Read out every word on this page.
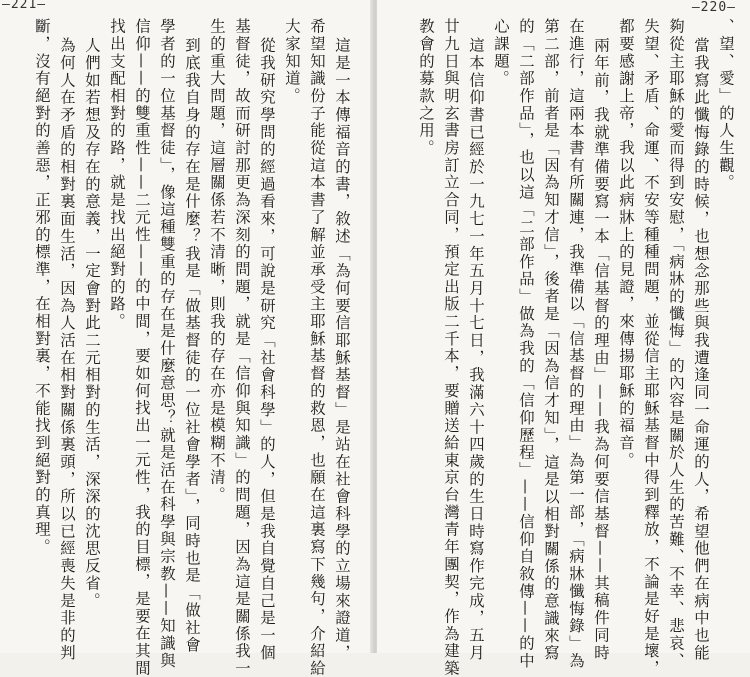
—221—
這是一本傳福音的書，敘述「為何要信耶穌基督」是站在社會科學的立場來證道，
希望知識份子能從這本書了解並承受主耶穌基督的救恩，也願在這裏寫下幾句，介紹給
大家知道。
從我研究學問的經過看來，可說是研究「社會科學」的人，但是我自覺自己是一個
基督徒，故而研討那更為深刻的問題，就是「信仰與知識」的問題，因為這是關係我一
生的重大問題，這層關係若不清晰，則我的存在亦是模糊不清。
到底我自身的存在是什麼？我是「做基督徒的一位社會學者」，同時也是「做社會
學者的一位基督徒」，像這種雙重的存在是什麼意思？就是活在科學與宗教——知識與
信仰——的雙重性——二元性——的中間，要如何找出一元性，我的目標，是要在其間
找出支配相對的路，就是找出絕對的路。
人們如若想及存在的意義，一定會對此二元相對的生活，深深的沈思反省。
為何人在矛盾的相對裏面生活，因為人活在相對關係裏頭，所以已經喪失是非的判
斷，沒有絕對的善惡，正邪的標準，在相對裏，不能找到絕對的真理。
—220—
、望、愛」的人生觀。
當我寫此懺悔錄的時候，也想念那些與我遭逢同一命運的人，希望他們在病中也能
夠從主耶穌的愛而得到安慰，「病牀的懺悔」的內容是關於人生的苦難、不幸、悲哀、
失望、矛盾、命運、不安等種種問題，並從信主耶穌基督中得到釋放，不論是好是壞，
都要感謝上帝，我以此病牀上的見證，來傳揚耶穌的福音。
兩年前，我就準備要寫一本「信基督的理由」——我為何要信基督——其稿件同時
在進行，這兩本書有所關連，我準備以「信基督的理由」為第一部，「病牀懺悔錄」為
第二部，前者是「因為知才信」，後者是「因為信才知」，這是以相對關係的意識來寫
的「二部作品」，也以這「二部作品」做為我的「信仰歷程」——信仰自敘傳——的中
心課題。
這本信仰書已經於一九七一年五月十七日，我滿六十四歲的生日時寫作完成，五月
廿九日與明玄書房訂立合同，預定出版二千本，要贈送給東京台灣青年團契，作為建築
教會的募款之用。
